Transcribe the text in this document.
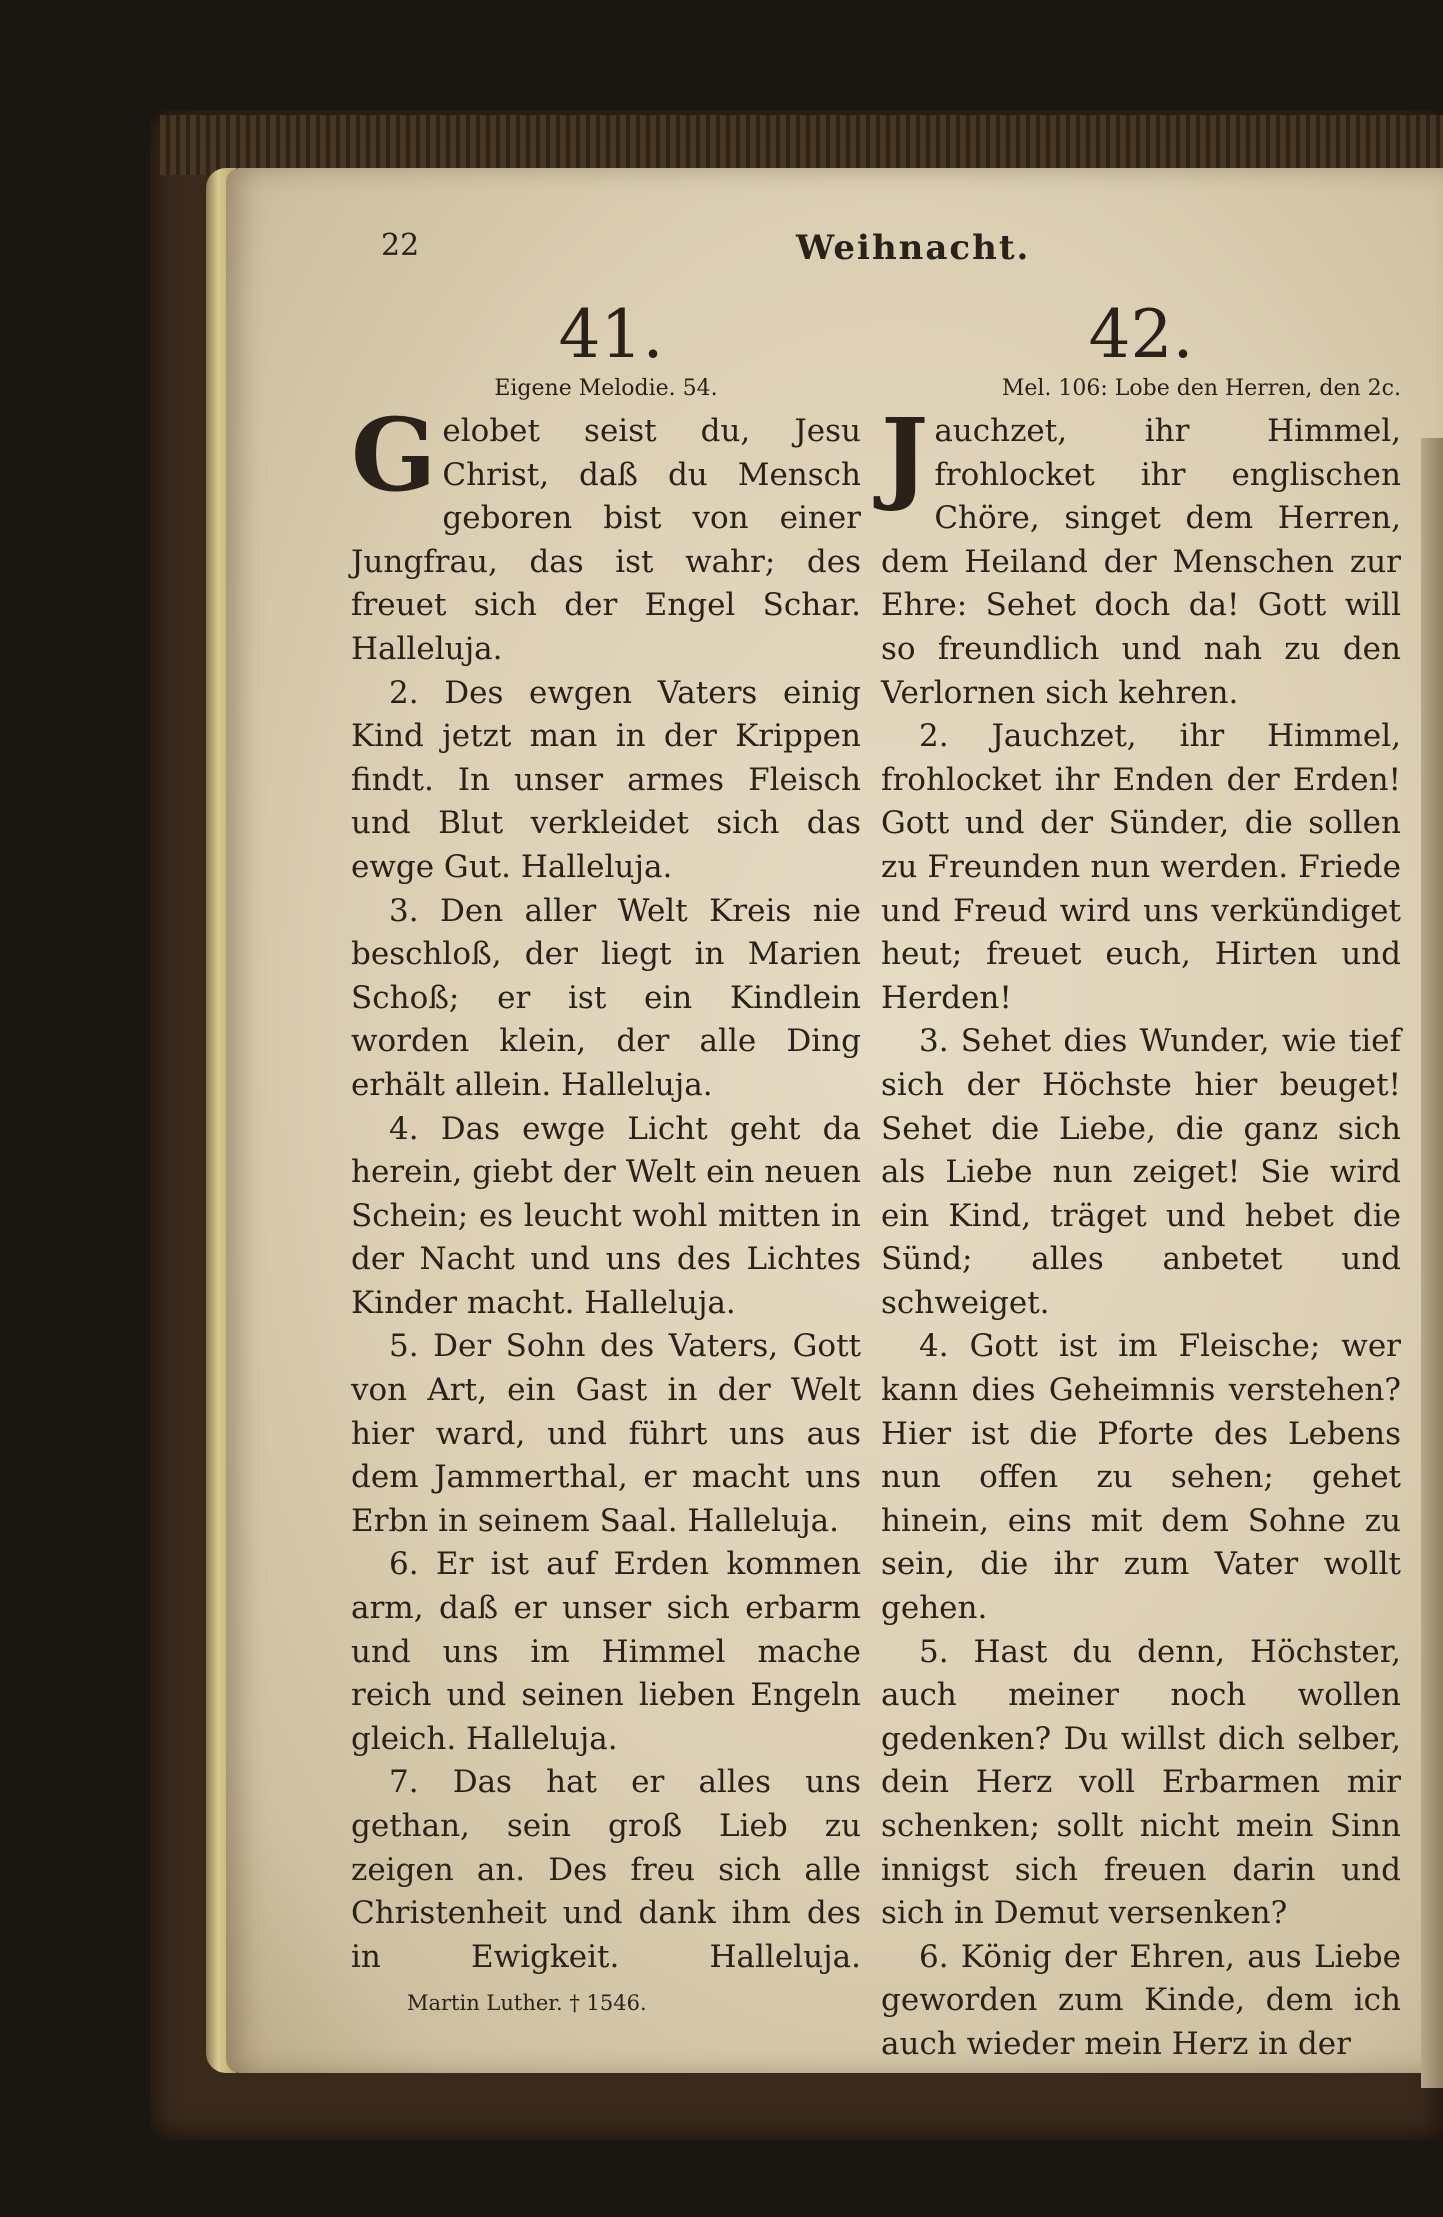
22	Weihnacht.

41.

Eigene Melodie. 54.

Gelobet seist du, Jesu Christ, daß du Mensch geboren bist von einer Jungfrau, das ist wahr; des freuet sich der Engel Schar. Halleluja.

2. Des ewgen Vaters einig Kind jetzt man in der Krippen findt. In unser armes Fleisch und Blut verkleidet sich das ewge Gut. Halleluja.

3. Den aller Welt Kreis nie beschloß, der liegt in Marien Schoß; er ist ein Kindlein worden klein, der alle Ding erhält allein. Halleluja.

4. Das ewge Licht geht da herein, giebt der Welt ein neuen Schein; es leucht wohl mitten in der Nacht und uns des Lichtes Kinder macht. Halleluja.

5. Der Sohn des Vaters, Gott von Art, ein Gast in der Welt hier ward, und führt uns aus dem Jammerthal, er macht uns Erbn in seinem Saal. Halleluja.

6. Er ist auf Erden kommen arm, daß er unser sich erbarm und uns im Himmel mache reich und seinen lieben Engeln gleich. Halleluja.

7. Das hat er alles uns gethan, sein groß Lieb zu zeigen an. Des freu sich alle Christenheit und dank ihm des in Ewigkeit. Halleluja.Martin Luther. † 1546.

42.

Mel. 106: Lobe den Herren, den 2c.

Jauchzet, ihr Himmel, frohlocket ihr englischen Chöre, singet dem Herren, dem Heiland der Menschen zur Ehre: Sehet doch da! Gott will so freundlich und nah zu den Verlornen sich kehren.

2. Jauchzet, ihr Himmel, frohlocket ihr Enden der Erden! Gott und der Sünder, die sollen zu Freunden nun werden. Friede und Freud wird uns verkündiget heut; freuet euch, Hirten und Herden!

3. Sehet dies Wunder, wie tief sich der Höchste hier beuget! Sehet die Liebe, die ganz sich als Liebe nun zeiget! Sie wird ein Kind, träget und hebet die Sünd; alles anbetet und schweiget.

4. Gott ist im Fleische; wer kann dies Geheimnis verstehen? Hier ist die Pforte des Lebens nun offen zu sehen; gehet hinein, eins mit dem Sohne zu sein, die ihr zum Vater wollt gehen.

5. Hast du denn, Höchster, auch meiner noch wollen gedenken? Du willst dich selber, dein Herz voll Erbarmen mir schenken; sollt nicht mein Sinn innigst sich freuen darin und sich in Demut versenken?

6. König der Ehren, aus Liebe geworden zum Kinde, dem ich auch wieder mein Herz in der
